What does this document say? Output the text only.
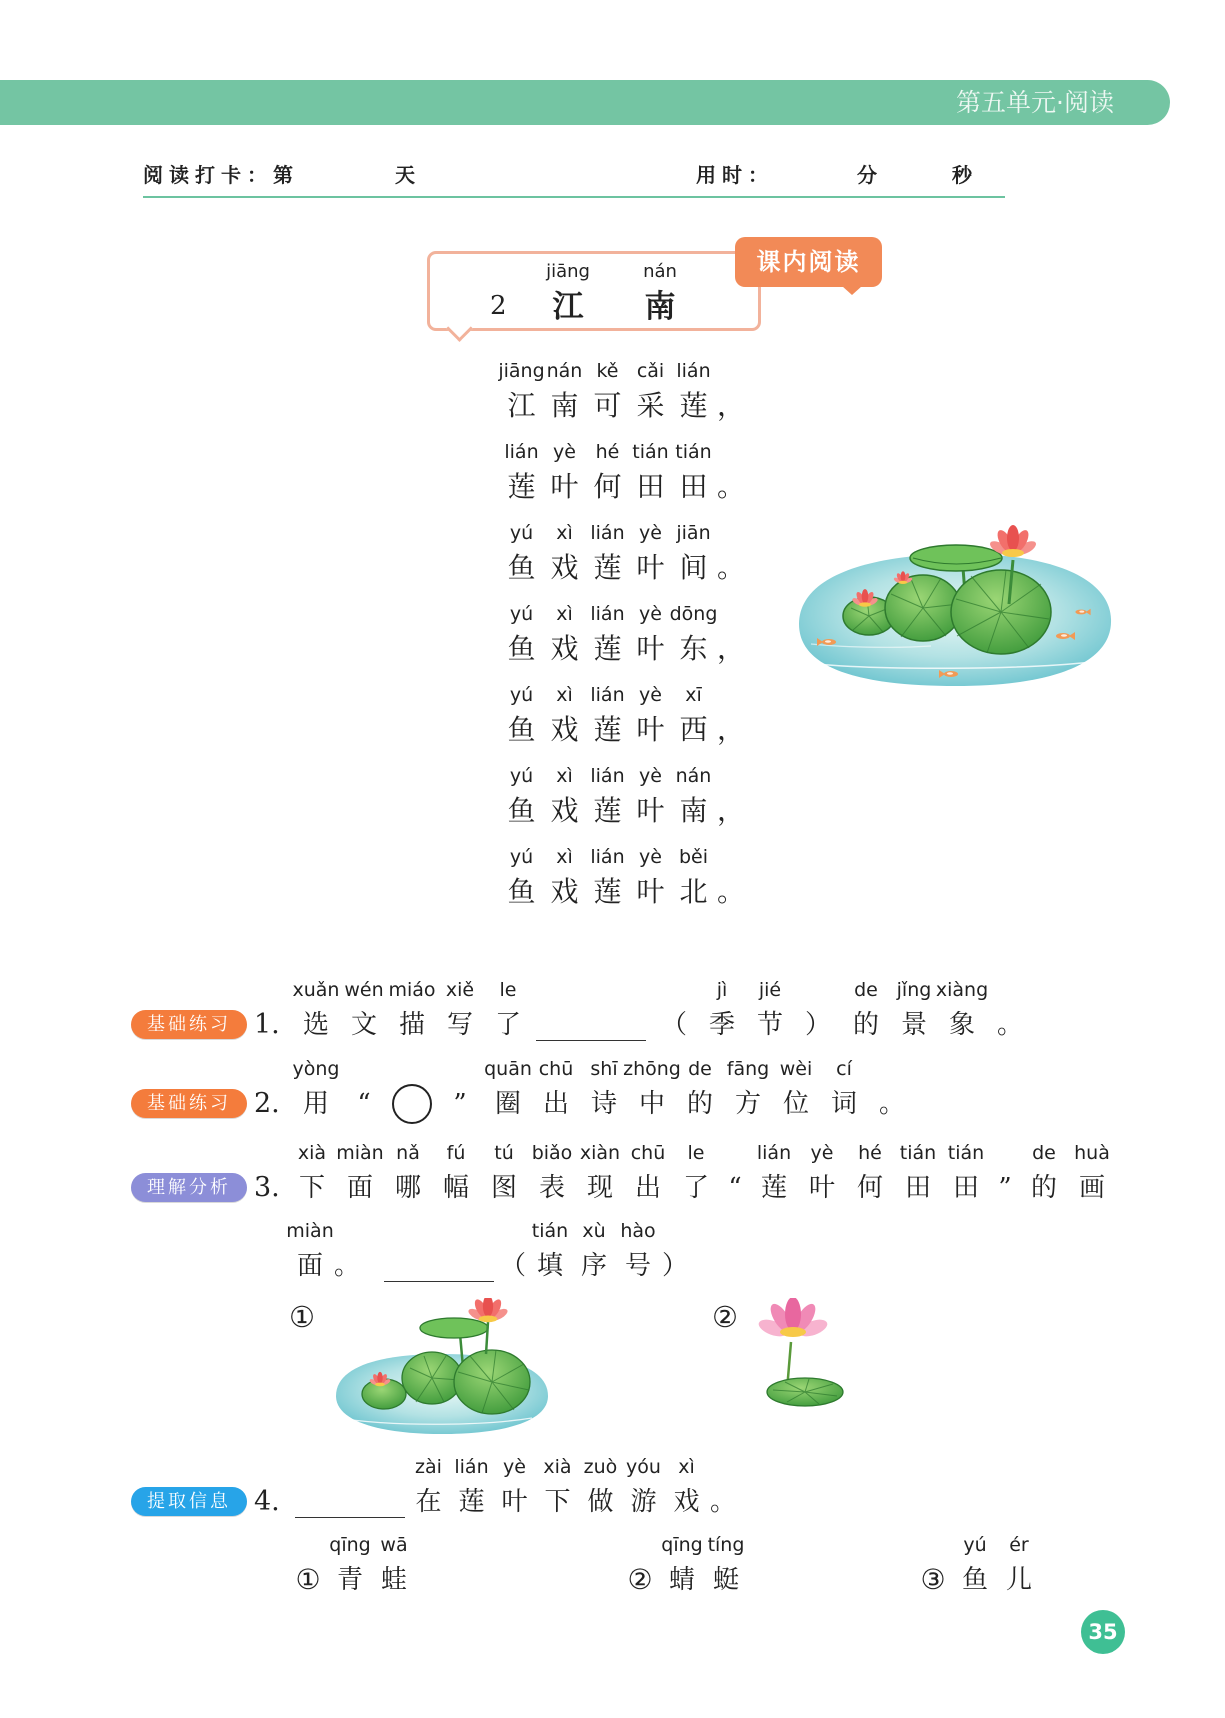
第五单元·阅读
阅读打卡：第	天	用时：	分	秒
2
jiāng
江
nán
南
课内阅读
jiāng
江
nán
南
kě
可
cǎi
采
lián
莲 ，
lián
莲
yè
叶
hé
何
tián
田
tián
田 。
yú
鱼
xì
戏
lián
莲
yè
叶
jiān
间 。
yú
鱼
xì
戏
lián
莲
yè
叶
dōng
东 ，
yú
鱼
xì
戏
lián
莲
yè
叶
xī
西 ，
yú
鱼
xì
戏
lián
莲
yè
叶
nán
南 ，
yú
鱼
xì
戏
lián
莲
yè
叶
běi
北 。
基础练习 1.
xuǎn
选
wén
文
miáo
描
xiě
写
le
了	（
jì
季
jié
节 ）
de
的
jǐng
景
xiàng
象 。
基础练习 2.
yòng
用 “	”
quān
圈
chū
出
shī
诗
zhōng
中
de
的
fāng
方
wèi
位
cí
词 。
理解分析 3.
xià
下
miàn
面
nǎ
哪
fú
幅
tú
图
biǎo
表
xiàn
现
chū
出
le
了 “
lián
莲
yè
叶
hé
何
tián
田
tián
田 ”
de
的
huà
画
miàn
面 。	（
tián
填
xù
序
hào
号 ）
①	②
提取信息 4.
zài
在
lián
莲
yè
叶
xià
下
zuò
做
yóu
游
xì
戏 。
①
qīng
青
wā
蛙	②
qīng
蜻
tíng
蜓	③
yú
鱼
ér
儿
35
